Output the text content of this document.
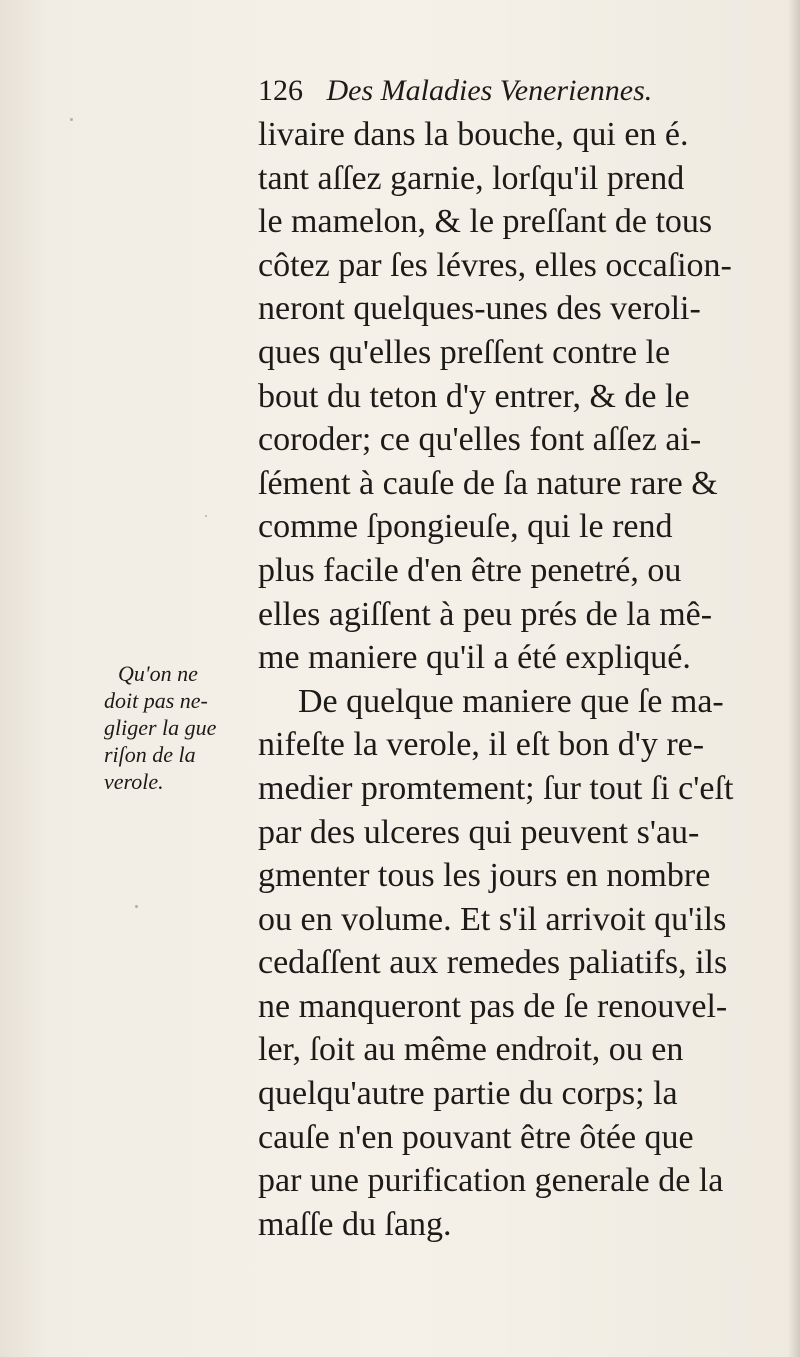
126 Des Maladies Veneriennes.
livaire dans la bouche, qui en é.
tant aſſez garnie, lorſqu'il prend
le mamelon, & le preſſant de tous
côtez par ſes lévres, elles occaſion-
neront quelques-unes des veroli-
ques qu'elles preſſent contre le
bout du teton d'y entrer, & de le
coroder; ce qu'elles font aſſez ai-
ſément à cauſe de ſa nature rare &
comme ſpongieuſe, qui le rend
plus facile d'en être penetré, ou
elles agiſſent à peu prés de la mê-
me maniere qu'il a été expliqué.
De quelque maniere que ſe ma-
nifeſte la verole, il eſt bon d'y re-
medier promtement; ſur tout ſi c'eſt
par des ulceres qui peuvent s'au-
gmenter tous les jours en nombre
ou en volume. Et s'il arrivoit qu'ils
cedaſſent aux remedes paliatifs, ils
ne manqueront pas de ſe renouvel-
ler, ſoit au même endroit, ou en
quelqu'autre partie du corps; la
cauſe n'en pouvant être ôtée que
par une purification generale de la
maſſe du ſang.
Qu'on ne
doit pas ne-
gliger la gue
riſon de la
verole.
